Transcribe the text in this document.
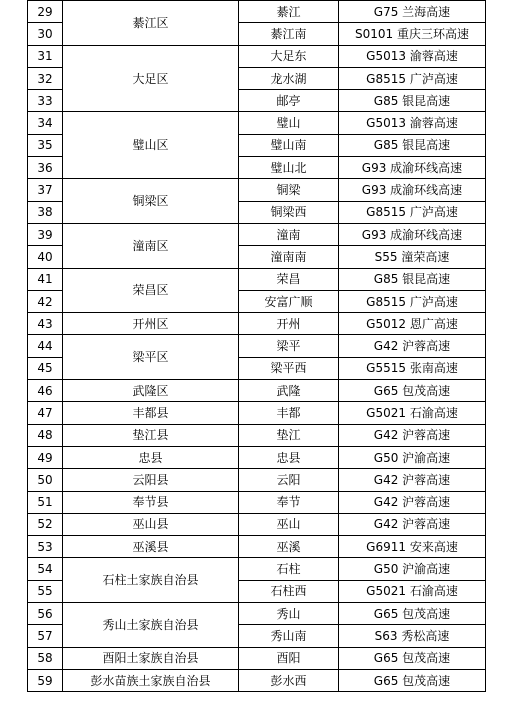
29	綦江区	綦江	G75 兰海高速
30		綦江南	S0101 重庆三环高速
31	大足区	大足东	G5013 渝蓉高速
32		龙水湖	G8515 广泸高速
33		邮亭	G85 银昆高速
34	璧山区	璧山	G5013 渝蓉高速
35		璧山南	G85 银昆高速
36		璧山北	G93 成渝环线高速
37	铜梁区	铜梁	G93 成渝环线高速
38		铜梁西	G8515 广泸高速
39	潼南区	潼南	G93 成渝环线高速
40		潼南南	S55 潼荣高速
41	荣昌区	荣昌	G85 银昆高速
42		安富广顺	G8515 广泸高速
43	开州区	开州	G5012 恩广高速
44	梁平区	梁平	G42 沪蓉高速
45		梁平西	G5515 张南高速
46	武隆区	武隆	G65 包茂高速
47	丰都县	丰都	G5021 石渝高速
48	垫江县	垫江	G42 沪蓉高速
49	忠县	忠县	G50 沪渝高速
50	云阳县	云阳	G42 沪蓉高速
51	奉节县	奉节	G42 沪蓉高速
52	巫山县	巫山	G42 沪蓉高速
53	巫溪县	巫溪	G6911 安来高速
54	石柱土家族自治县	石柱	G50 沪渝高速
55		石柱西	G5021 石渝高速
56	秀山土家族自治县	秀山	G65 包茂高速
57		秀山南	S63 秀松高速
58	酉阳土家族自治县	酉阳	G65 包茂高速
59	彭水苗族土家族自治县	彭水西	G65 包茂高速
